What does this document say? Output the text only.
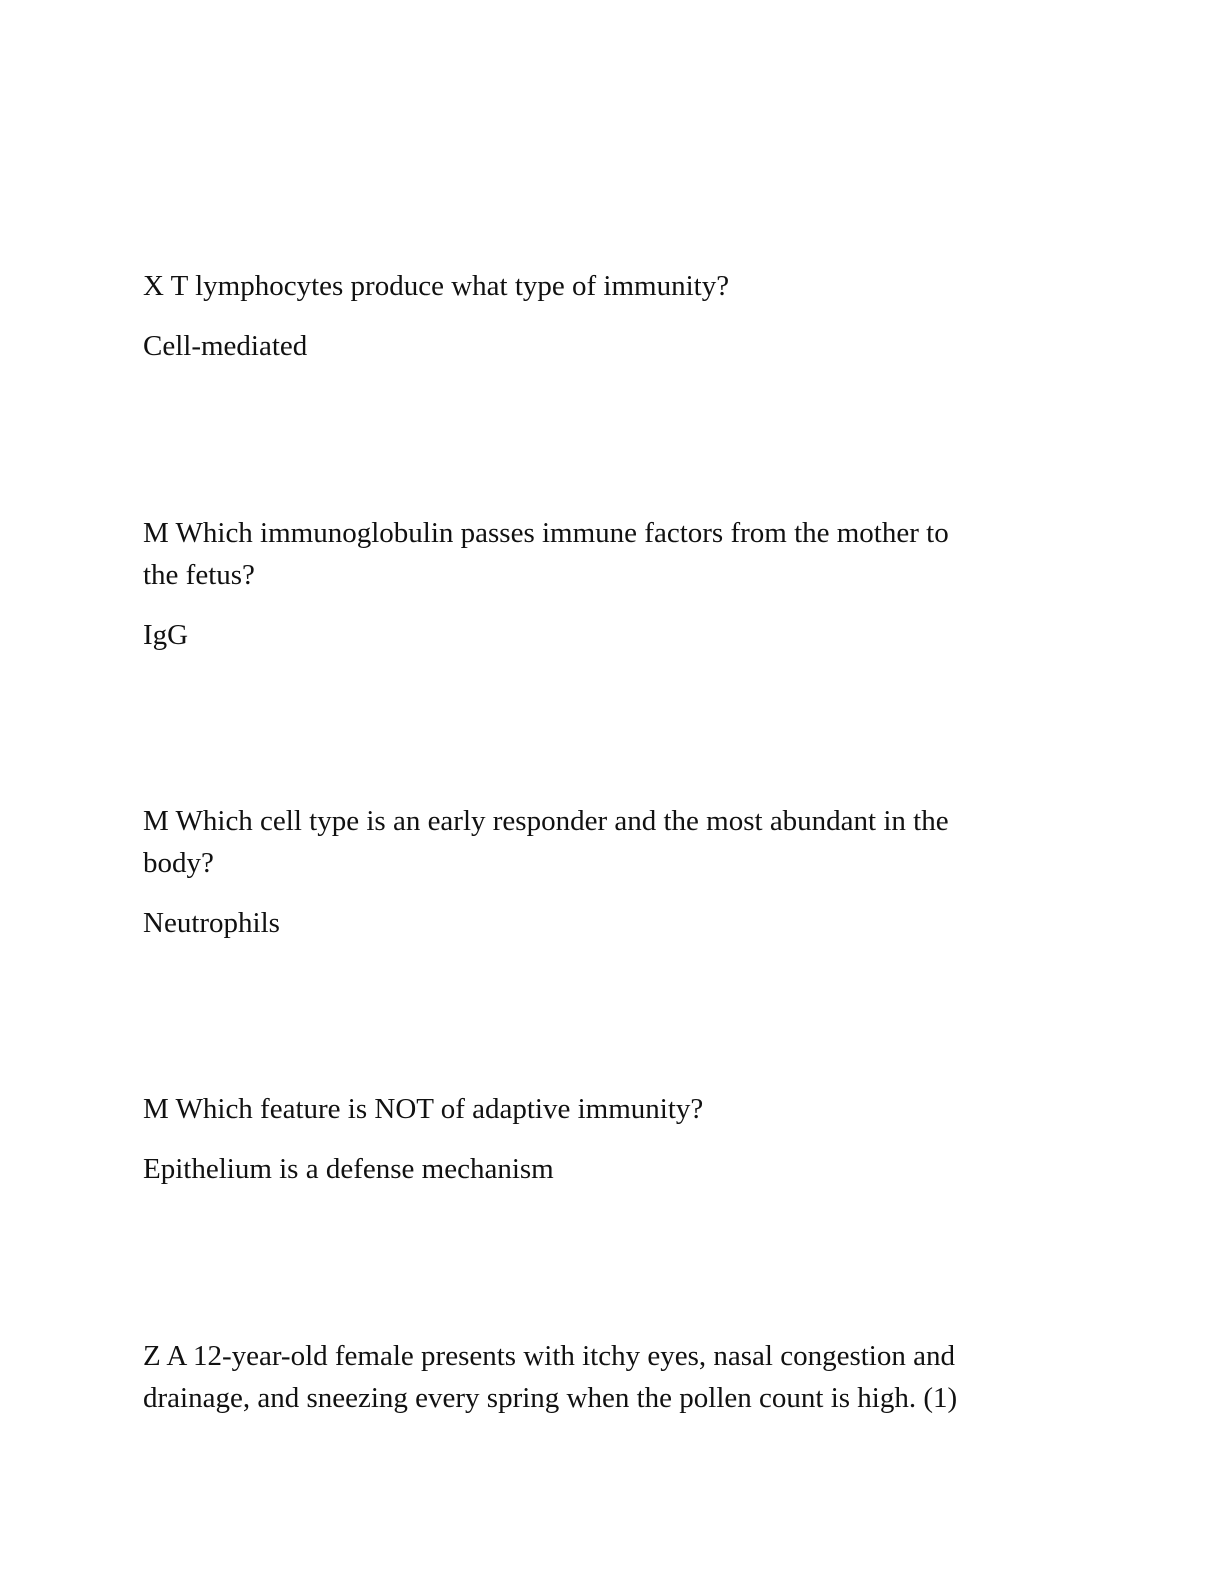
X T lymphocytes produce what type of immunity?

Cell-mediated

M Which immunoglobulin passes immune factors from the mother to
the fetus?

IgG

M Which cell type is an early responder and the most abundant in the
body?

Neutrophils

M Which feature is NOT of adaptive immunity?

Epithelium is a defense mechanism

Z A 12-year-old female presents with itchy eyes, nasal congestion and
drainage, and sneezing every spring when the pollen count is high. (1)
